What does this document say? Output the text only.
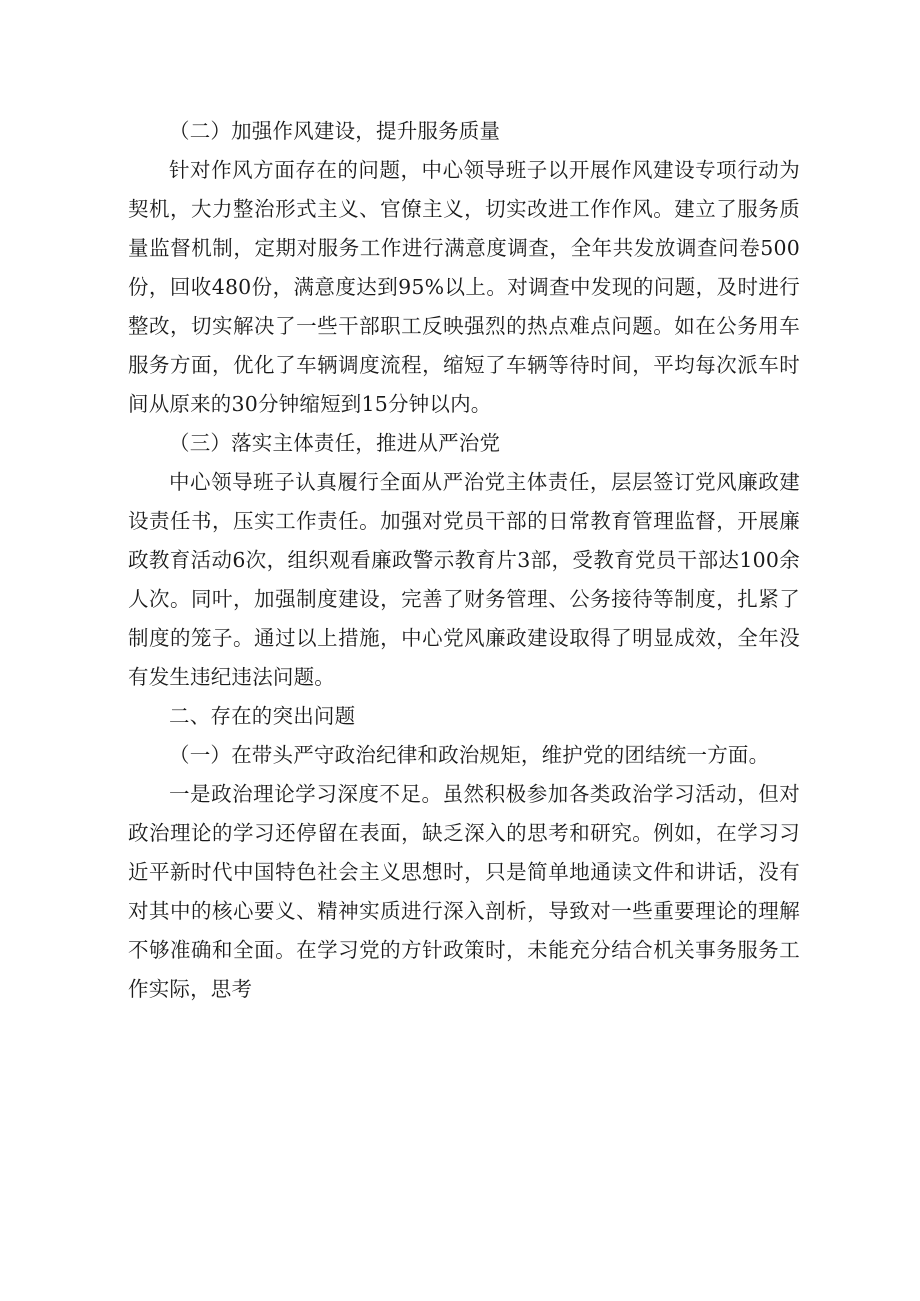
（二）加强作风建设，提升服务质量

针对作风方面存在的问题，中心领导班子以开展作风建设专项行动为契机，大力整治形式主义、官僚主义，切实改进工作作风。建立了服务质量监督机制，定期对服务工作进行满意度调查，全年共发放调查问卷500份，回收480份，满意度达到95%以上。对调查中发现的问题，及时进行整改，切实解决了一些干部职工反映强烈的热点难点问题。如在公务用车服务方面，优化了车辆调度流程，缩短了车辆等待时间，平均每次派车时间从原来的30分钟缩短到15分钟以内。

（三）落实主体责任，推进从严治党

中心领导班子认真履行全面从严治党主体责任，层层签订党风廉政建设责任书，压实工作责任。加强对党员干部的日常教育管理监督，开展廉政教育活动6次，组织观看廉政警示教育片3部，受教育党员干部达100余人次。同叶，加强制度建设，完善了财务管理、公务接待等制度，扎紧了制度的笼子。通过以上措施，中心党风廉政建设取得了明显成效，全年没有发生违纪违法问题。

二、存在的突出问题

（一）在带头严守政治纪律和政治规矩，维护党的团结统一方面。

一是政治理论学习深度不足。虽然积极参加各类政治学习活动，但对政治理论的学习还停留在表面，缺乏深入的思考和研究。例如，在学习习近平新时代中国特色社会主义思想时，只是简单地通读文件和讲话，没有对其中的核心要义、精神实质进行深入剖析，导致对一些重要理论的理解不够准确和全面。在学习党的方针政策时，未能充分结合机关事务服务工作实际，思考
